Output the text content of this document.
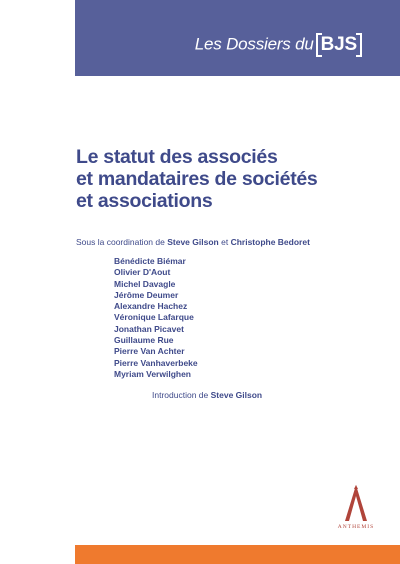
Les Dossiers du BJS
Le statut des associés
et mandataires de sociétés
et associations
Sous la coordination de Steve Gilson et Christophe Bedoret
Bénédicte Biémar
Olivier D'Aout
Michel Davagle
Jérôme Deumer
Alexandre Hachez
Véronique Lafarque
Jonathan Picavet
Guillaume Rue
Pierre Van Achter
Pierre Vanhaverbeke
Myriam Verwilghen
Introduction de Steve Gilson
ANTHEMIS
